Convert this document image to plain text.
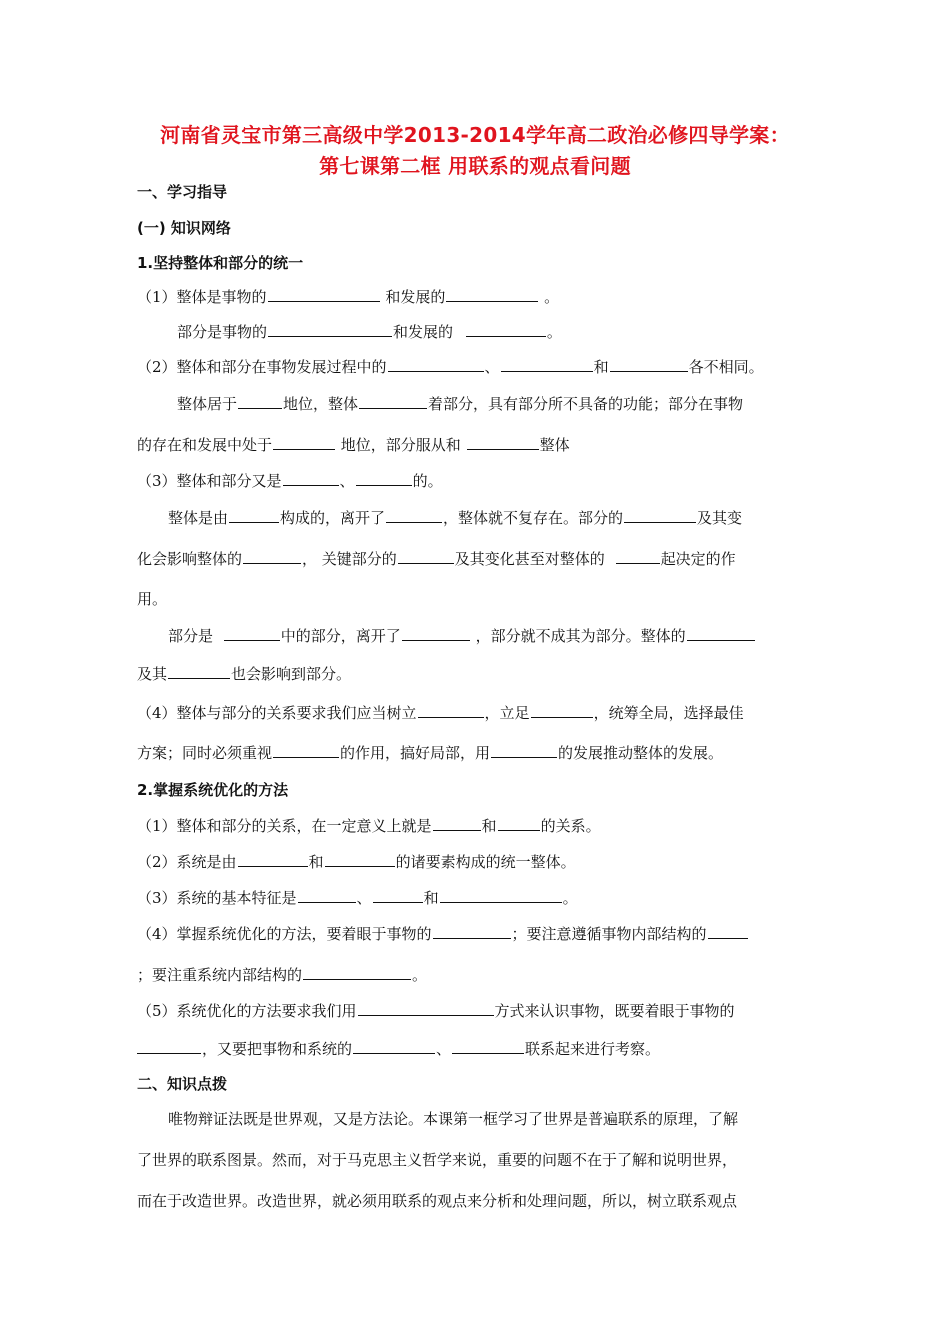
河南省灵宝市第三高级中学2013-2014学年高二政治必修四导学案：
第七课第二框 用联系的观点看问题
一、学习指导
(一) 知识网络
1.坚持整体和部分的统一
（1）整体是事物的	和发展的	。
部分是事物的	和发展的	。
（2）整体和部分在事物发展过程中的	、	和	各不相同。
整体居于	地位，整体	着部分，具有部分所不具备的功能；部分在事物
的存在和发展中处于	地位，部分服从和	整体
（3）整体和部分又是	、	的。
整体是由	构成的，离开了	，整体就不复存在。部分的	及其变
化会影响整体的	， 关键部分的	及其变化甚至对整体的	起决定的作
用。
部分是	中的部分，离开了	，部分就不成其为部分。整体的
及其	也会影响到部分。
（4）整体与部分的关系要求我们应当树立	，立足	，统筹全局，选择最佳
方案；同时必须重视	的作用，搞好局部，用	的发展推动整体的发展。
2.掌握系统优化的方法
（1）整体和部分的关系，在一定意义上就是	和	的关系。
（2）系统是由	和	的诸要素构成的统一整体。
（3）系统的基本特征是	、	和	。
（4）掌握系统优化的方法，要着眼于事物的	；要注意遵循事物内部结构的
；要注重系统内部结构的	。
（5）系统优化的方法要求我们用	方式来认识事物，既要着眼于事物的
，又要把事物和系统的	、	联系起来进行考察。
二、知识点拨
唯物辩证法既是世界观，又是方法论。本课第一框学习了世界是普遍联系的原理，了解
了世界的联系图景。然而，对于马克思主义哲学来说，重要的问题不在于了解和说明世界，
而在于改造世界。改造世界，就必须用联系的观点来分析和处理问题，所以，树立联系观点
